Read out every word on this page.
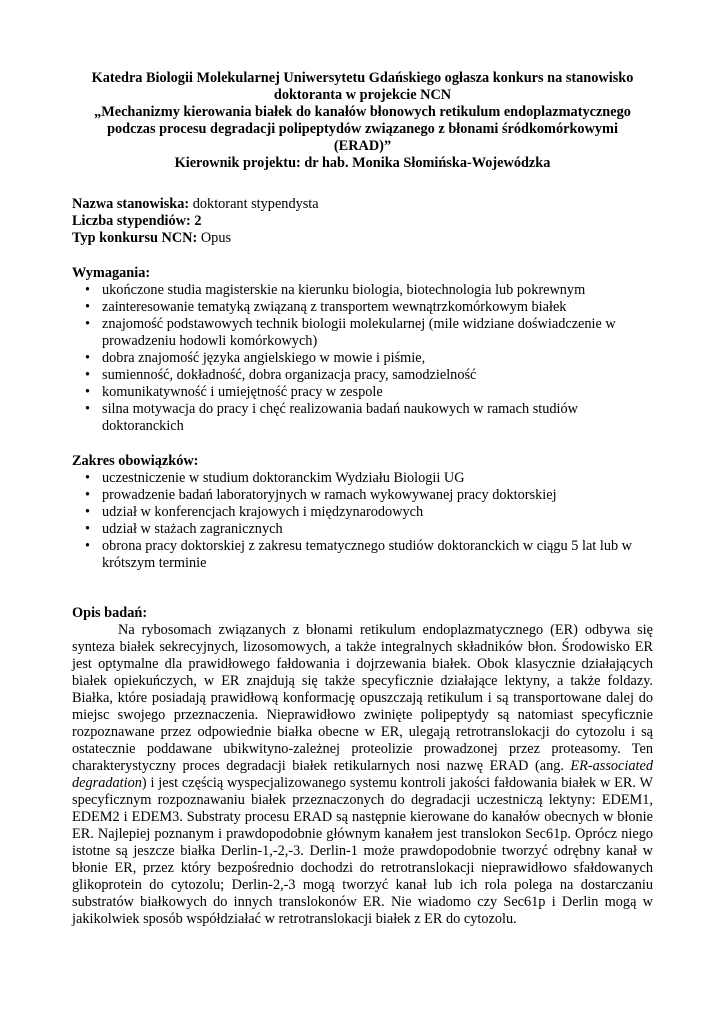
Katedra Biologii Molekularnej Uniwersytetu Gdańskiego ogłasza konkurs na stanowisko
doktoranta w projekcie NCN
„Mechanizmy kierowania białek do kanałów błonowych retikulum endoplazmatycznego
podczas procesu degradacji polipeptydów związanego z błonami śródkomórkowymi
(ERAD)”
Kierownik projektu: dr hab. Monika Słomińska-Wojewódzka
Nazwa stanowiska: doktorant stypendysta
Liczba stypendiów: 2
Typ konkursu NCN: Opus
Wymagania:
• ukończone studia magisterskie na kierunku biologia, biotechnologia lub pokrewnym
• zainteresowanie tematyką związaną z transportem wewnątrzkomórkowym białek
• znajomość podstawowych technik biologii molekularnej (mile widziane doświadczenie w prowadzeniu hodowli komórkowych)
• dobra znajomość języka angielskiego w mowie i piśmie,
• sumienność, dokładność, dobra organizacja pracy, samodzielność
• komunikatywność i umiejętność pracy w zespole
• silna motywacja do pracy i chęć realizowania badań naukowych w ramach studiów doktoranckich
Zakres obowiązków:
• uczestniczenie w studium doktoranckim Wydziału Biologii UG
• prowadzenie badań laboratoryjnych w ramach wykowywanej pracy doktorskiej
• udział w konferencjach krajowych i międzynarodowych
• udział w stażach zagranicznych
• obrona pracy doktorskiej z zakresu tematycznego studiów doktoranckich w ciągu 5 lat lub w krótszym terminie
Opis badań:

Na rybosomach związanych z błonami retikulum endoplazmatycznego (ER) odbywa się synteza białek sekrecyjnych, lizosomowych, a także integralnych składników błon. Środowisko ER jest optymalne dla prawidłowego fałdowania i dojrzewania białek. Obok klasycznie działających białek opiekuńczych, w ER znajdują się także specyficznie działające lektyny, a także foldazy. Białka, które posiadają prawidłową konformację opuszczają retikulum i są transportowane dalej do miejsc swojego przeznaczenia. Nieprawidłowo zwinięte polipeptydy są natomiast specyficznie rozpoznawane przez odpowiednie białka obecne w ER, ulegają retrotranslokacji do cytozolu i są ostatecznie poddawane ubikwityno-zależnej proteolizie prowadzonej przez proteasomy. Ten charakterystyczny proces degradacji białek retikularnych nosi nazwę ERAD (ang. ER-associated degradation) i jest częścią wyspecjalizowanego systemu kontroli jakości fałdowania białek w ER. W specyficznym rozpoznawaniu białek przeznaczonych do degradacji uczestniczą lektyny: EDEM1, EDEM2 i EDEM3. Substraty procesu ERAD są następnie kierowane do kanałów obecnych w błonie ER. Najlepiej poznanym i prawdopodobnie głównym kanałem jest translokon Sec61p. Oprócz niego istotne są jeszcze białka Derlin-1,-2,-3. Derlin-1 może prawdopodobnie tworzyć odrębny kanał w błonie ER, przez który bezpośrednio dochodzi do retrotranslokacji nieprawidłowo sfałdowanych glikoprotein do cytozolu; Derlin-2,-3 mogą tworzyć kanał lub ich rola polega na dostarczaniu substratów białkowych do innych translokonów ER. Nie wiadomo czy Sec61p i Derlin mogą w jakikolwiek sposób współdziałać w retrotranslokacji białek z ER do cytozolu.
